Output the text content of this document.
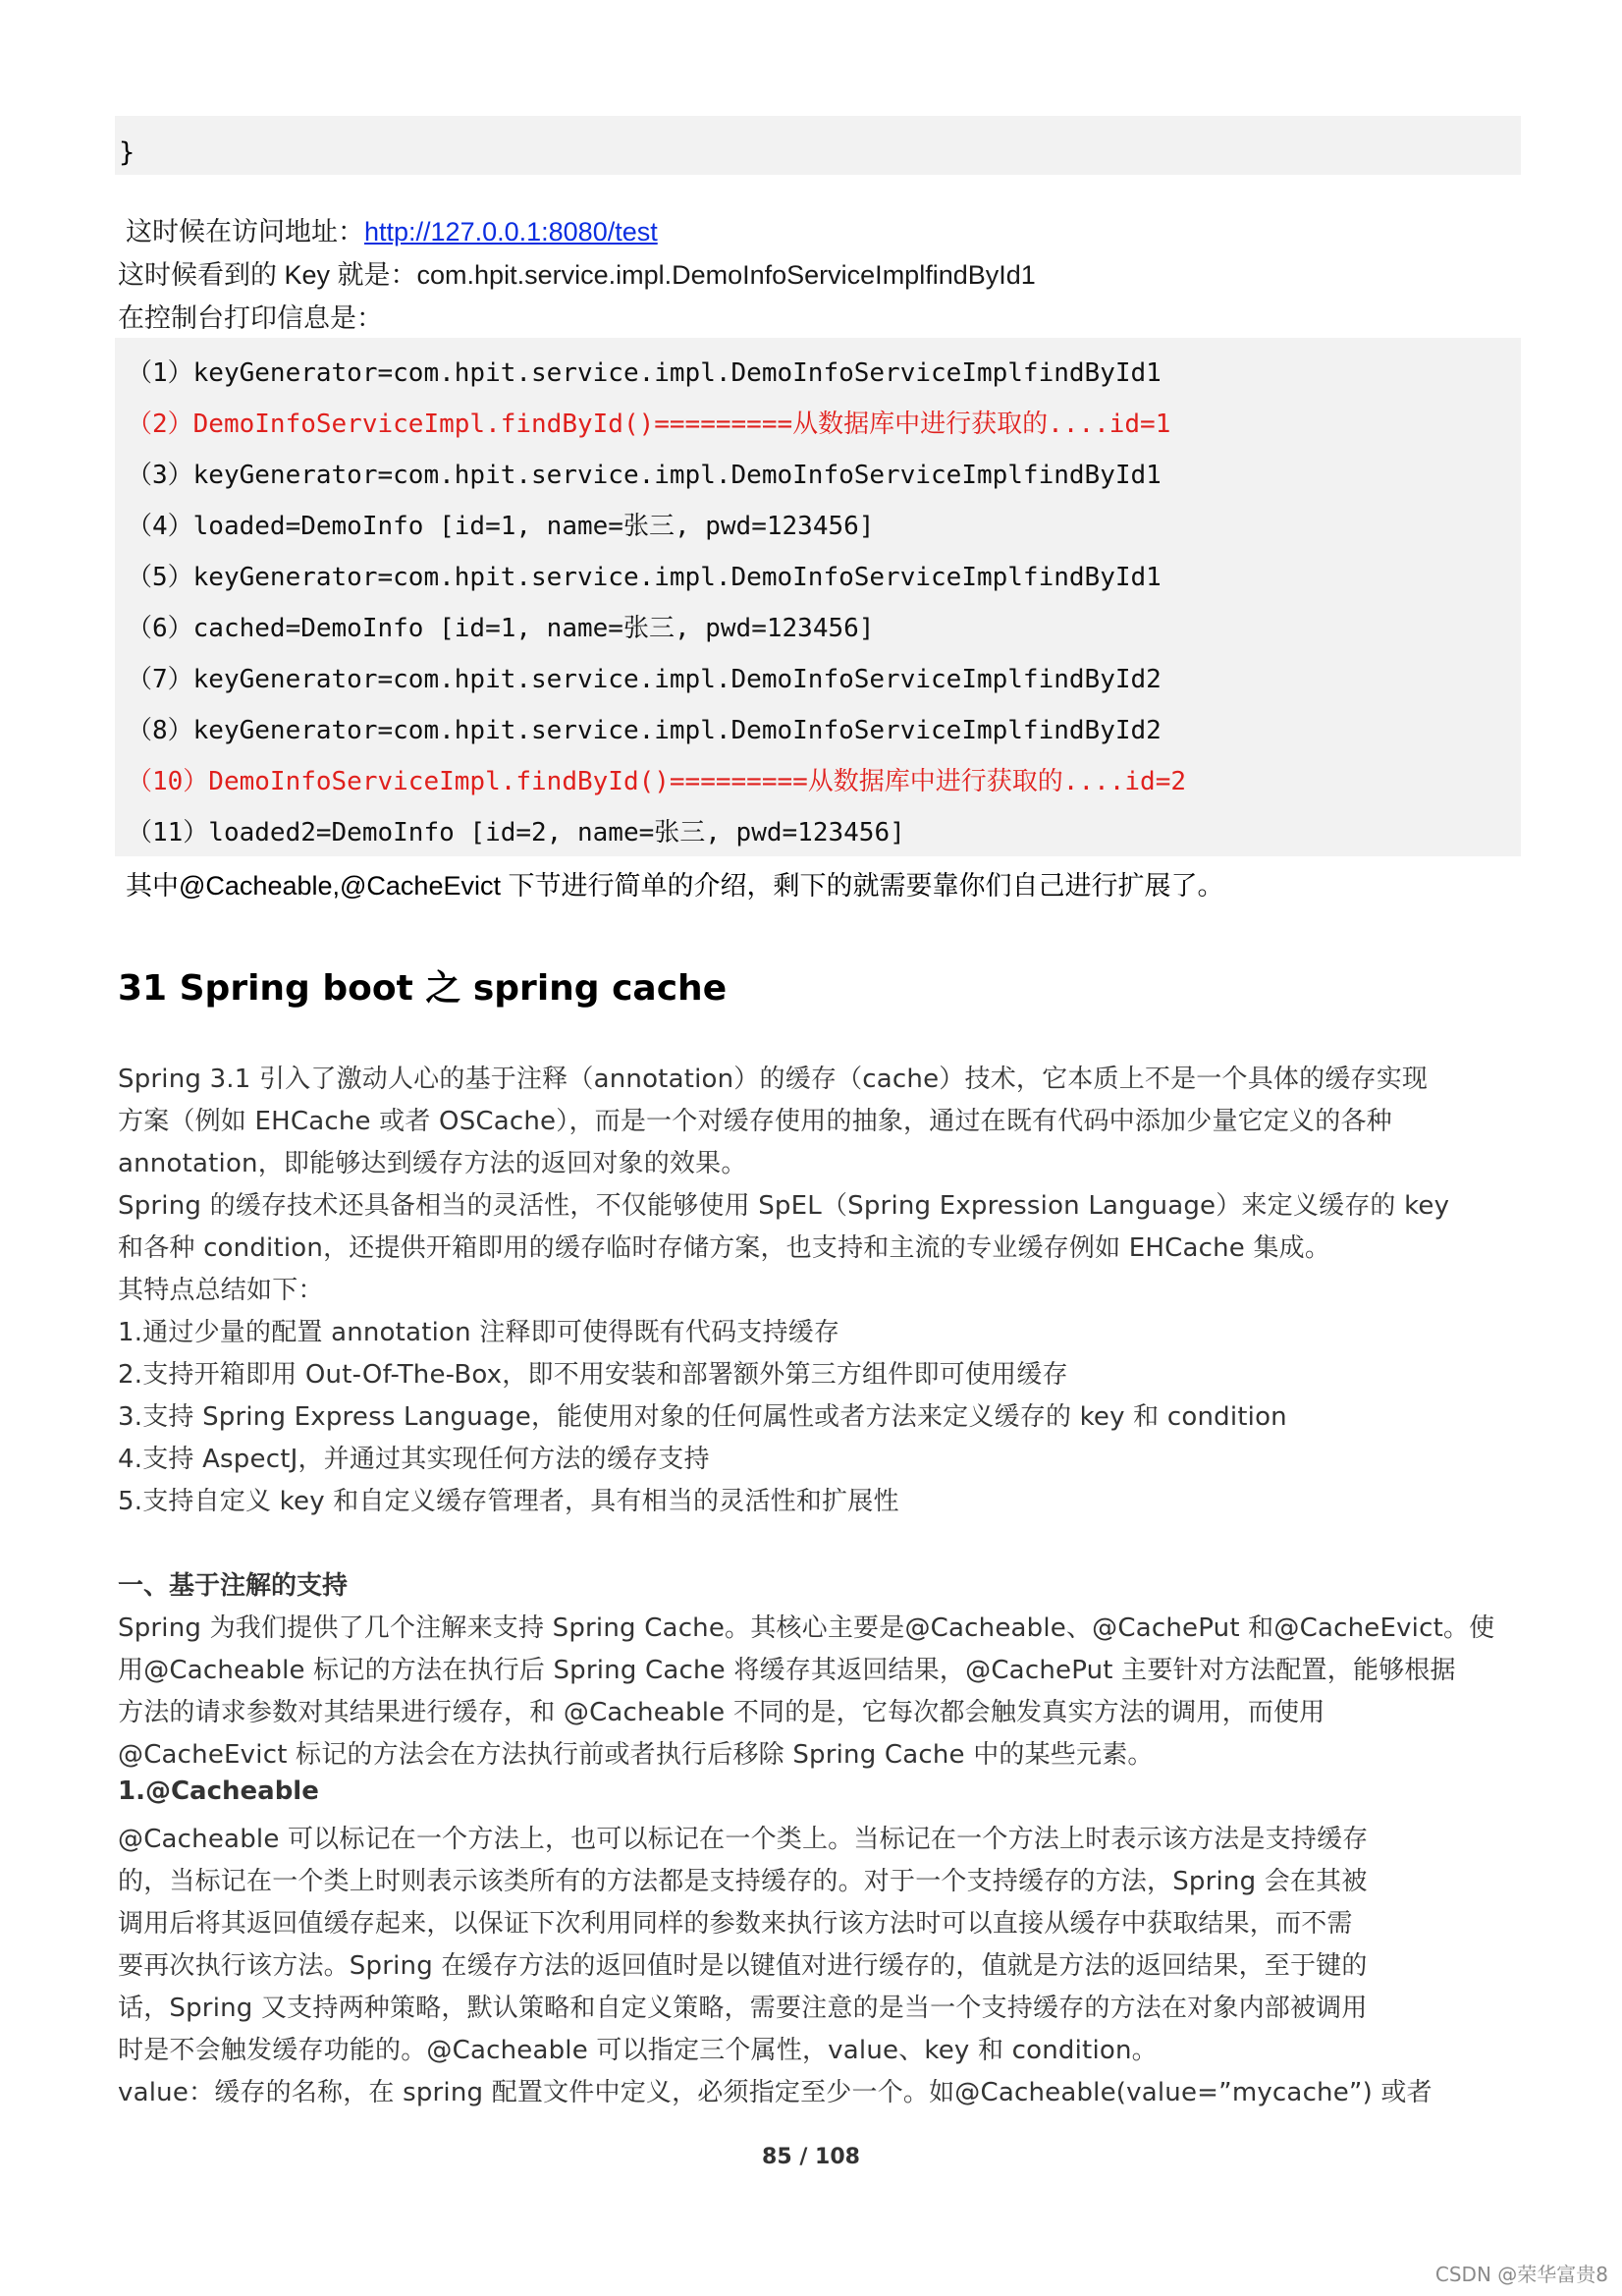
}
这时候在访问地址：http://127.0.0.1:8080/test
这时候看到的 Key 就是：com.hpit.service.impl.DemoInfoServiceImplfindById1
在控制台打印信息是：
（1）keyGenerator=com.hpit.service.impl.DemoInfoServiceImplfindById1
（2）DemoInfoServiceImpl.findById()=========从数据库中进行获取的....id=1
（3）keyGenerator=com.hpit.service.impl.DemoInfoServiceImplfindById1
（4）loaded=DemoInfo [id=1, name=张三, pwd=123456]
（5）keyGenerator=com.hpit.service.impl.DemoInfoServiceImplfindById1
（6）cached=DemoInfo [id=1, name=张三, pwd=123456]
（7）keyGenerator=com.hpit.service.impl.DemoInfoServiceImplfindById2
（8）keyGenerator=com.hpit.service.impl.DemoInfoServiceImplfindById2
（10）DemoInfoServiceImpl.findById()=========从数据库中进行获取的....id=2
（11）loaded2=DemoInfo [id=2, name=张三, pwd=123456]
其中@Cacheable,@CacheEvict 下节进行简单的介绍，剩下的就需要靠你们自己进行扩展了。
31 Spring boot 之 spring cache
Spring 3.1 引入了激动人心的基于注释（annotation）的缓存（cache）技术，它本质上不是一个具体的缓存实现
方案（例如 EHCache 或者 OSCache），而是一个对缓存使用的抽象，通过在既有代码中添加少量它定义的各种
annotation，即能够达到缓存方法的返回对象的效果。
Spring 的缓存技术还具备相当的灵活性，不仅能够使用 SpEL（Spring Expression Language）来定义缓存的 key
和各种 condition，还提供开箱即用的缓存临时存储方案，也支持和主流的专业缓存例如 EHCache 集成。
其特点总结如下：
1.通过少量的配置 annotation 注释即可使得既有代码支持缓存
2.支持开箱即用 Out-Of-The-Box，即不用安装和部署额外第三方组件即可使用缓存
3.支持 Spring Express Language，能使用对象的任何属性或者方法来定义缓存的 key 和 condition
4.支持 AspectJ，并通过其实现任何方法的缓存支持
5.支持自定义 key 和自定义缓存管理者，具有相当的灵活性和扩展性
一、基于注解的支持
Spring 为我们提供了几个注解来支持 Spring Cache。其核心主要是@Cacheable、@CachePut 和@CacheEvict。使
用@Cacheable 标记的方法在执行后 Spring Cache 将缓存其返回结果，@CachePut 主要针对方法配置，能够根据
方法的请求参数对其结果进行缓存，和 @Cacheable 不同的是，它每次都会触发真实方法的调用，而使用
@CacheEvict 标记的方法会在方法执行前或者执行后移除 Spring Cache 中的某些元素。
1.@Cacheable
@Cacheable 可以标记在一个方法上，也可以标记在一个类上。当标记在一个方法上时表示该方法是支持缓存
的，当标记在一个类上时则表示该类所有的方法都是支持缓存的。对于一个支持缓存的方法，Spring 会在其被
调用后将其返回值缓存起来，以保证下次利用同样的参数来执行该方法时可以直接从缓存中获取结果，而不需
要再次执行该方法。Spring 在缓存方法的返回值时是以键值对进行缓存的，值就是方法的返回结果，至于键的
话，Spring 又支持两种策略，默认策略和自定义策略，需要注意的是当一个支持缓存的方法在对象内部被调用
时是不会触发缓存功能的。@Cacheable 可以指定三个属性，value、key 和 condition。
value：缓存的名称，在 spring 配置文件中定义，必须指定至少一个。如@Cacheable(value=”mycache”) 或者
85 / 108
CSDN @荣华富贵8
